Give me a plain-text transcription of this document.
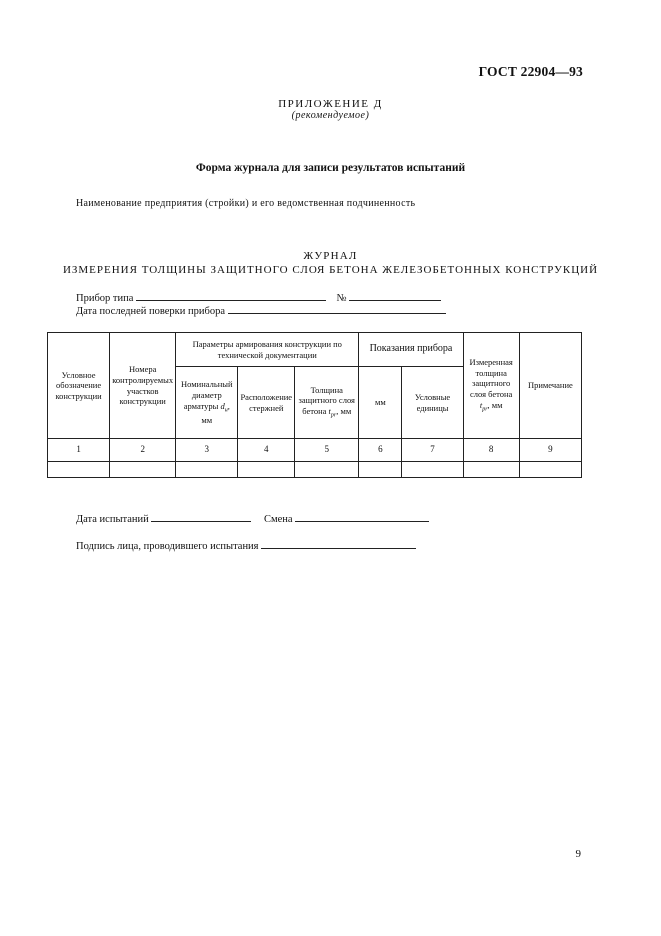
ГОСТ 22904—93
ПРИЛОЖЕНИЕ Д
(рекомендуемое)
Форма журнала для записи результатов испытаний
Наименование предприятия (стройки) и его ведомственная подчиненность
ЖУРНАЛ
ИЗМЕРЕНИЯ ТОЛЩИНЫ ЗАЩИТНОГО СЛОЯ БЕТОНА ЖЕЛЕЗОБЕТОННЫХ КОНСТРУКЦИЙ
Прибор типа	№
Дата последней поверки прибора
Условное обозначение конструкции	Номера контролируемых участков конструкции	Параметры армирования конструкции по технической документации			Показания прибора		Измеренная толщина защитного слоя бетона $t_{pr}$, мм	Примечание
		Номинальный диаметр арматуры $d_н$, мм	Расположение стержней	Толщина защитного слоя бетона $t_{pr}$, мм	мм	Условные единицы		
1	2	3	4	5	6	7	8	9

Дата испытаний	Смена
Подпись лица, проводившего испытания
9
